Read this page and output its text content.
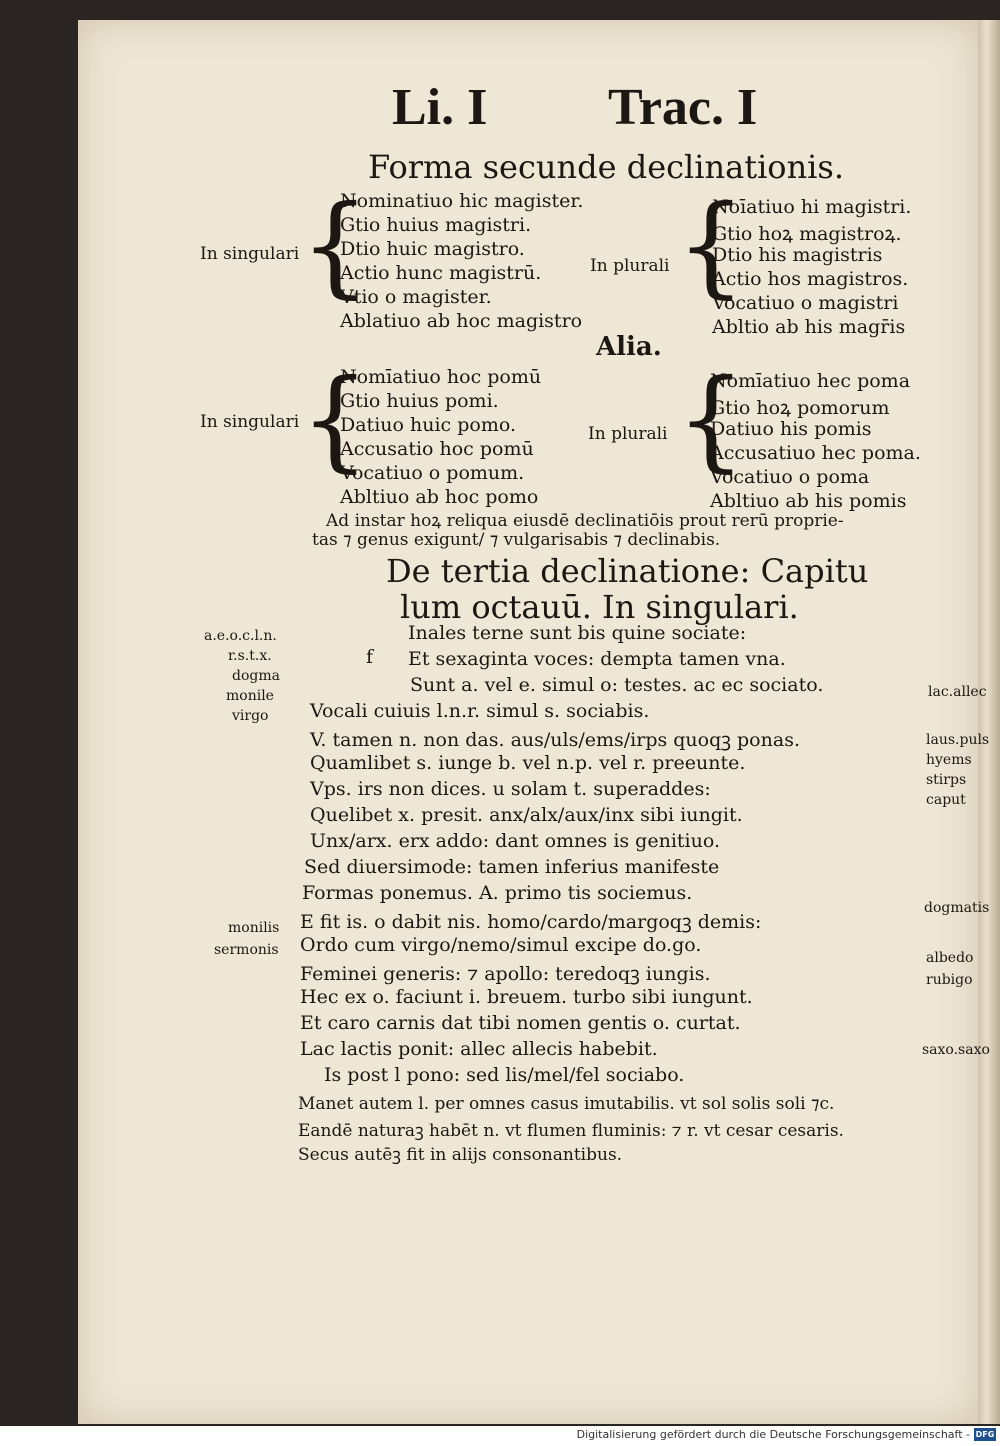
Li. I Trac. I
Forma secunde declinationis.
In singulari {
Nominatiuo hic magister.
Gtio huius magistri.
Dtio huic magistro.
Actio hunc magistrū.
Vtio o magister.
Ablatiuo ab hoc magistro
In plurali {
Noīatiuo hi magistri.
Gtio hoꝝ magistroꝝ.
Dtio his magistris
Actio hos magistros.
Vocatiuo o magistri
Abltio ab his magr̄is
Alia.
In singulari {
Nomīatiuo hoc pomū
Gtio huius pomi.
Datiuo huic pomo.
Accusatio hoc pomū
Vocatiuo o pomum.
Abltiuo ab hoc pomo
In plurali {
Nomīatiuo hec poma
Gtio hoꝝ pomorum
Datiuo his pomis
Accusatiuo hec poma.
Vocatiuo o poma
Abltiuo ab his pomis
Ad instar hoꝝ reliqua eiusdē declinatiōis prout rerū proprie-
tas ⁊ genus exigunt/ ⁊ vulgarisabis ⁊ declinabis.
De tertia declinatione: Capitu
lum octauū. In singulari.
a.e.o.c.l.n.
r.s.t.x.
dogma
monile
virgo
monilis
sermonis
f
lac.allec
laus.puls
hyems
stirps
caput
dogmatis
albedo
rubigo
saxo.saxo
Inales terne sunt bis quine sociate:
Et sexaginta voces: dempta tamen vna.
Sunt a. vel e. simul o: testes. ac ec sociato.
Vocali cuiuis l.n.r. simul s. sociabis.
V. tamen n. non das. aus/uls/ems/irps quoqꝫ ponas.
Quamlibet s. iunge b. vel n.p. vel r. preeunte.
Vps. irs non dices. u solam t. superaddes:
Quelibet x. presit. anx/alx/aux/inx sibi iungit.
Unx/arx. erx addo: dant omnes is genitiuo.
Sed diuersimode: tamen inferius manifeste
Formas ponemus. A. primo tis sociemus.
E fit is. o dabit nis. homo/cardo/margoqꝫ demis:
Ordo cum virgo/nemo/simul excipe do.go.
Feminei generis: ⁊ apollo: teredoqꝫ iungis.
Hec ex o. faciunt i. breuem. turbo sibi iungunt.
Et caro carnis dat tibi nomen gentis o. curtat.
Lac lactis ponit: allec allecis habebit.
Is post l pono: sed lis/mel/fel sociabo.
Manet autem l. per omnes casus imutabilis. vt sol solis soli ⁊c.
Eandē naturaꝫ habēt n. vt flumen fluminis: ⁊ r. vt cesar cesaris.
Secus autēꝫ fit in alijs consonantibus.
Digitalisierung gefördert durch die Deutsche Forschungsgemeinschaft - DFG
